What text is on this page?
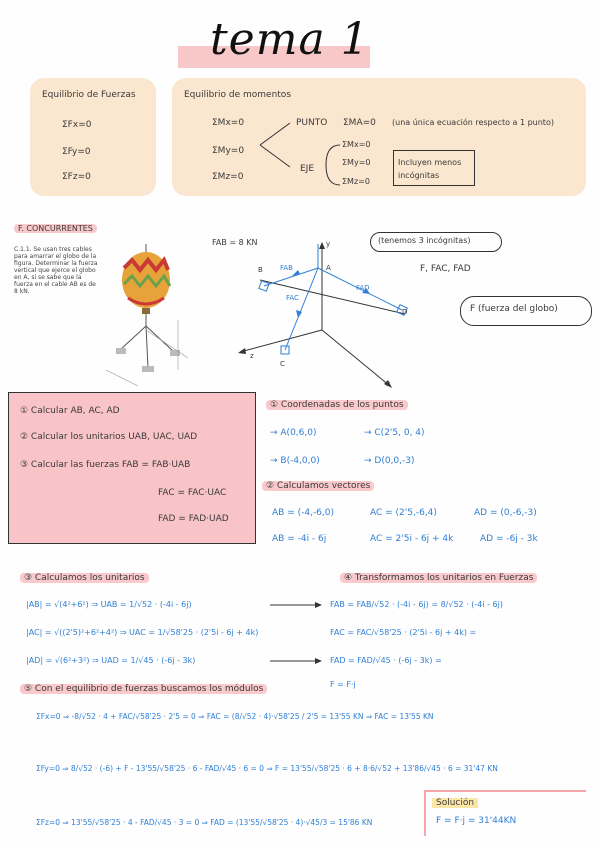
tema 1
Equilibrio de Fuerzas
ΣFx=0
ΣFy=0
ΣFz=0
Equilibrio de momentos
ΣMx=0
ΣMy=0
ΣMz=0
PUNTO ΣMA=0 (una única ecuación respecto a 1 punto)
EJE
ΣMx=0
ΣMy=0
ΣMz=0
Incluyen menos incógnitas
F. CONCURRENTES
C.1.1. Se usan tres cables para amarrar el globo de la figura. Determinar la fuerza vertical que ejerce el globo en A, si se sabe que la fuerza en el cable AB es de 8 kN.
FAB = 8 KN	y
A
B
C
D
z
x
FAB
FAC
FAD
(tenemos 3 incógnitas)
F, FAC, FAD
F (fuerza del globo)
① Calcular AB, AC, AD
② Calcular los unitarios UAB, UAC, UAD
③ Calcular las fuerzas FAB = FAB·UAB
FAC = FAC·UAC
FAD = FAD·UAD
① Coordenadas de los puntos
→ A(0,6,0)	→ C(2'5, 0, 4)
→ B(-4,0,0)	→ D(0,0,-3)
② Calculamos vectores
AB = (-4,-6,0)	AC = (2'5,-6,4)	AD = (0,-6,-3)
AB = -4i - 6j	AC = 2'5i - 6j + 4k	AD = -6j - 3k
③ Calculamos los unitarios	④ Transformamos los unitarios en Fuerzas
|AB| = √(4²+6²) ⇒ UAB = 1/√52 · (-4i - 6j)
|AC| = √((2'5)²+6²+4²) ⇒ UAC = 1/√58'25 · (2'5i - 6j + 4k)
|AD| = √(6²+3²) ⇒ UAD = 1/√45 · (-6j - 3k)
FAB = FAB/√52 · (-4i - 6j) = 8/√52 · (-4i - 6j)
FAC = FAC/√58'25 · (2'5i - 6j + 4k) =
FAD = FAD/√45 · (-6j - 3k) =
F = F·j
⑤ Con el equilibrio de fuerzas buscamos los módulos
ΣFx=0 ⇒ -8/√52 · 4 + FAC/√58'25 · 2'5 = 0 ⇒ FAC = (8/√52 · 4)·√58'25 / 2'5 = 13'55 KN ⇒ FAC = 13'55 KN
ΣFy=0 ⇒ 8/√52 · (-6) + F - 13'55/√58'25 · 6 - FAD/√45 · 6 = 0 ⇒ F = 13'55/√58'25 · 6 + 8·6/√52 + 13'86/√45 · 6 = 31'47 KN
ΣFz=0 ⇒ 13'55/√58'25 · 4 - FAD/√45 · 3 = 0 ⇒ FAD = (13'55/√58'25 · 4)·√45/3 = 15'86 KN
Solución
F = F·j = 31'44KN
